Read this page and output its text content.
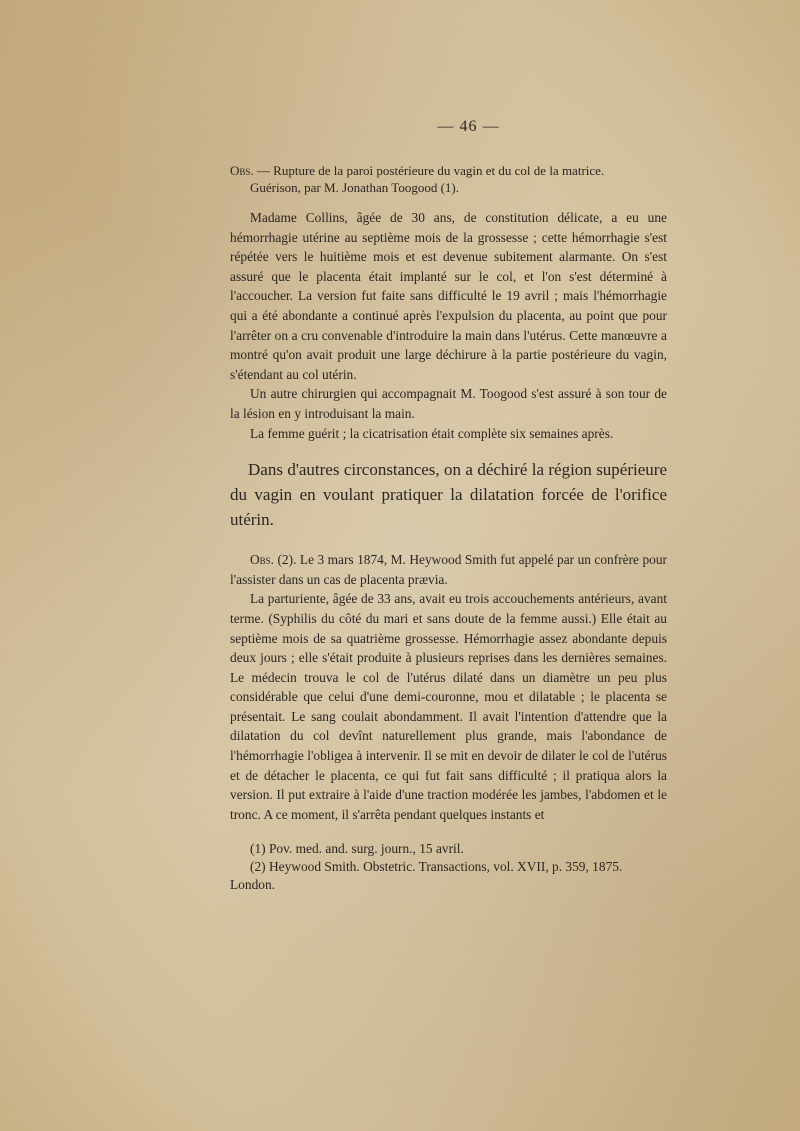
— 46 —
Obs. — Rupture de la paroi postérieure du vagin et du col de la matrice.
Guérison, par M. Jonathan Toogood (1).

Madame Collins, âgée de 30 ans, de constitution délicate, a eu une hémorrhagie utérine au septième mois de la grossesse ; cette hémorrhagie s'est répétée vers le huitième mois et est devenue subitement alarmante. On s'est assuré que le placenta était implanté sur le col, et l'on s'est déterminé à l'accoucher. La version fut faite sans difficulté le 19 avril ; mais l'hémorrhagie qui a été abondante a continué après l'expulsion du placenta, au point que pour l'arrêter on a cru convenable d'introduire la main dans l'utérus. Cette manœuvre a montré qu'on avait produit une large déchirure à la partie postérieure du vagin, s'étendant au col utérin.

Un autre chirurgien qui accompagnait M. Toogood s'est assuré à son tour de la lésion en y introduisant la main.

La femme guérit ; la cicatrisation était complète six semaines après.

Dans d'autres circonstances, on a déchiré la région supérieure du vagin en voulant pratiquer la dilatation forcée de l'orifice utérin.

Obs. (2). Le 3 mars 1874, M. Heywood Smith fut appelé par un confrère pour l'assister dans un cas de placenta prævia.

La parturiente, âgée de 33 ans, avait eu trois accouchements antérieurs, avant terme. (Syphilis du côté du mari et sans doute de la femme aussi.) Elle était au septième mois de sa quatrième grossesse. Hémorrhagie assez abondante depuis deux jours ; elle s'était produite à plusieurs reprises dans les dernières semaines. Le médecin trouva le col de l'utérus dilaté dans un diamètre un peu plus considérable que celui d'une demi-couronne, mou et dilatable ; le placenta se présentait. Le sang coulait abondamment. Il avait l'intention d'attendre que la dilatation du col devînt naturellement plus grande, mais l'abondance de l'hémorrhagie l'obligea à intervenir. Il se mit en devoir de dilater le col de l'utérus et de détacher le placenta, ce qui fut fait sans difficulté ; il pratiqua alors la version. Il put extraire à l'aide d'une traction modérée les jambes, l'abdomen et le tronc. A ce moment, il s'arrêta pendant quelques instants et

(1) Pov. med. and. surg. journ., 15 avril.

(2) Heywood Smith. Obstetric. Transactions, vol. XVII, p. 359, 1875. London.
